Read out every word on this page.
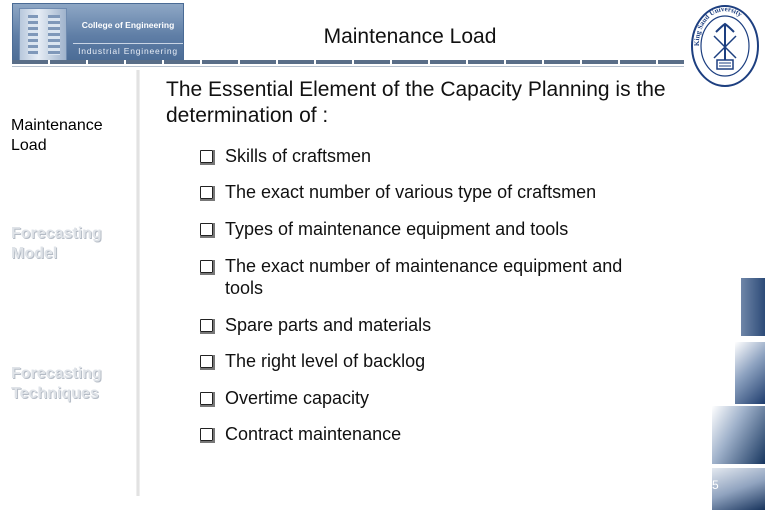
College of Engineering
Industrial Engineering
Maintenance Load	King Saud University
Maintenance Load
Forecasting Model
Forecasting Techniques
The Essential Element of the Capacity Planning is the determination of :
Skills of craftsmen
The exact number of various type of craftsmen
Types of maintenance equipment and tools
The exact number of maintenance equipment and tools
Spare parts and materials
The right level of backlog
Overtime capacity
Contract maintenance
5
